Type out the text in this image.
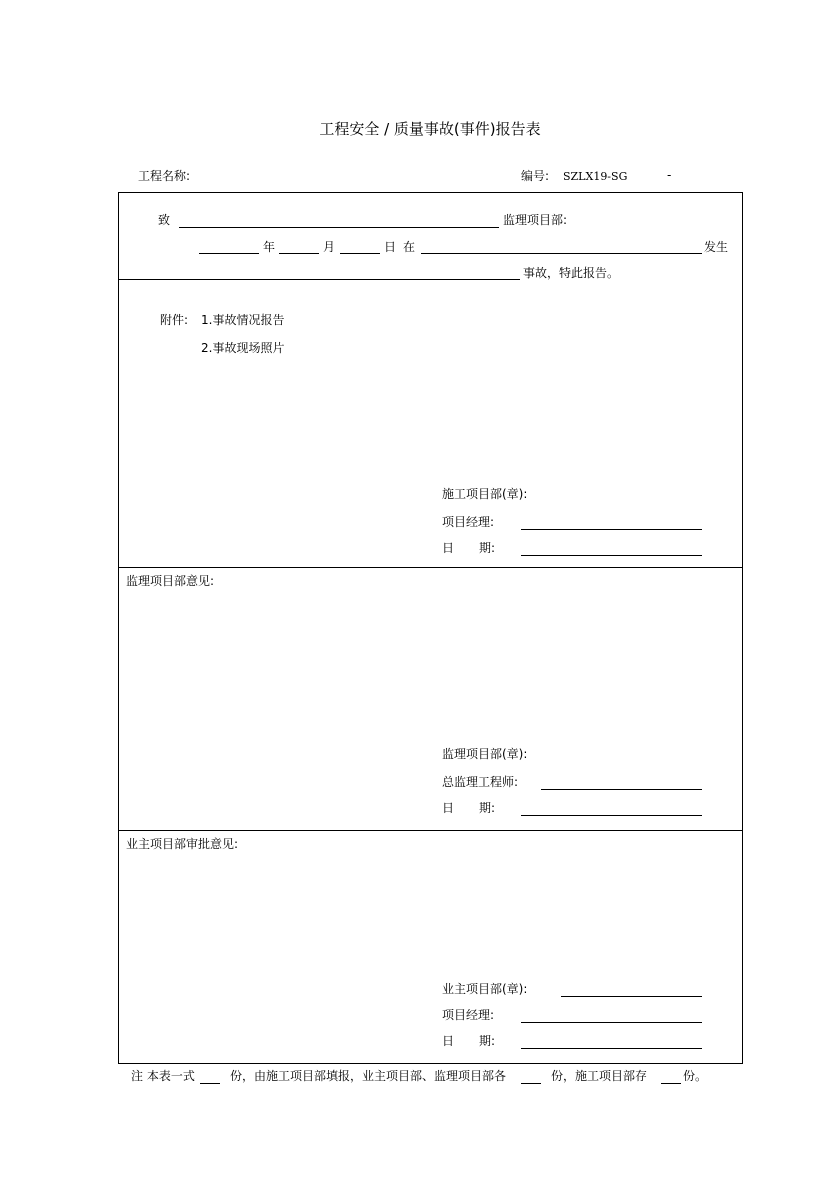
工程安全 / 质量事故(事件)报告表
工程名称:	编号: SZLX19-SG	-
致	监理项目部:
年	月	日 在	发生
事故，特此报告。
附件: 1.事故情况报告
2.事故现场照片
施工项目部(章):
项目经理:
日 期:
监理项目部意见:
监理项目部(章):
总监理工程师:
日 期:
业主项目部审批意见:
业主项目部(章):
项目经理:
日 期:
注 本表一式	份，由施工项目部填报，业主项目部、监理项目部各	份，施工项目部存	份。
